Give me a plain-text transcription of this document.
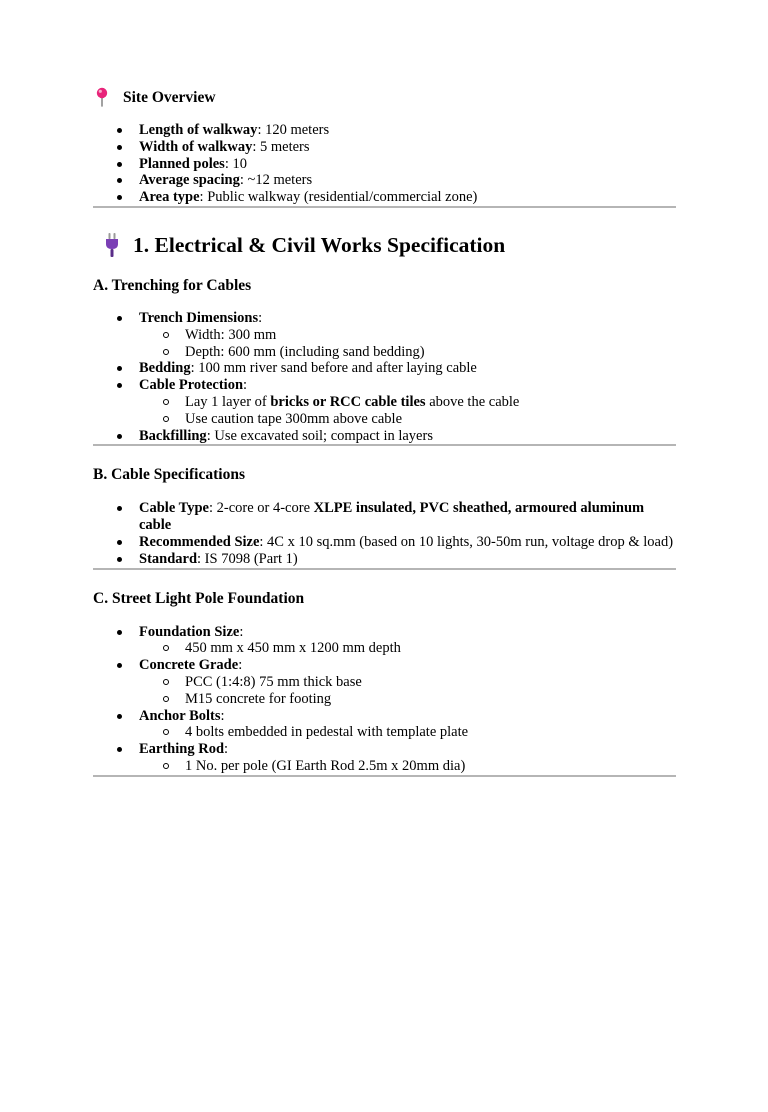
Site Overview
Length of walkway: 120 meters
Width of walkway: 5 meters
Planned poles: 10
Average spacing: ~12 meters
Area type: Public walkway (residential/commercial zone)
1. Electrical & Civil Works Specification
A. Trenching for Cables
Trench Dimensions:
Width: 300 mm
Depth: 600 mm (including sand bedding)
Bedding: 100 mm river sand before and after laying cable
Cable Protection:
Lay 1 layer of bricks or RCC cable tiles above the cable
Use caution tape 300mm above cable
Backfilling: Use excavated soil; compact in layers
B. Cable Specifications
Cable Type: 2-core or 4-core XLPE insulated, PVC sheathed, armoured aluminum cable
Recommended Size: 4C x 10 sq.mm (based on 10 lights, 30-50m run, voltage drop & load)
Standard: IS 7098 (Part 1)
C. Street Light Pole Foundation
Foundation Size:
450 mm x 450 mm x 1200 mm depth
Concrete Grade:
PCC (1:4:8) 75 mm thick base
M15 concrete for footing
Anchor Bolts:
4 bolts embedded in pedestal with template plate
Earthing Rod:
1 No. per pole (GI Earth Rod 2.5m x 20mm dia)
